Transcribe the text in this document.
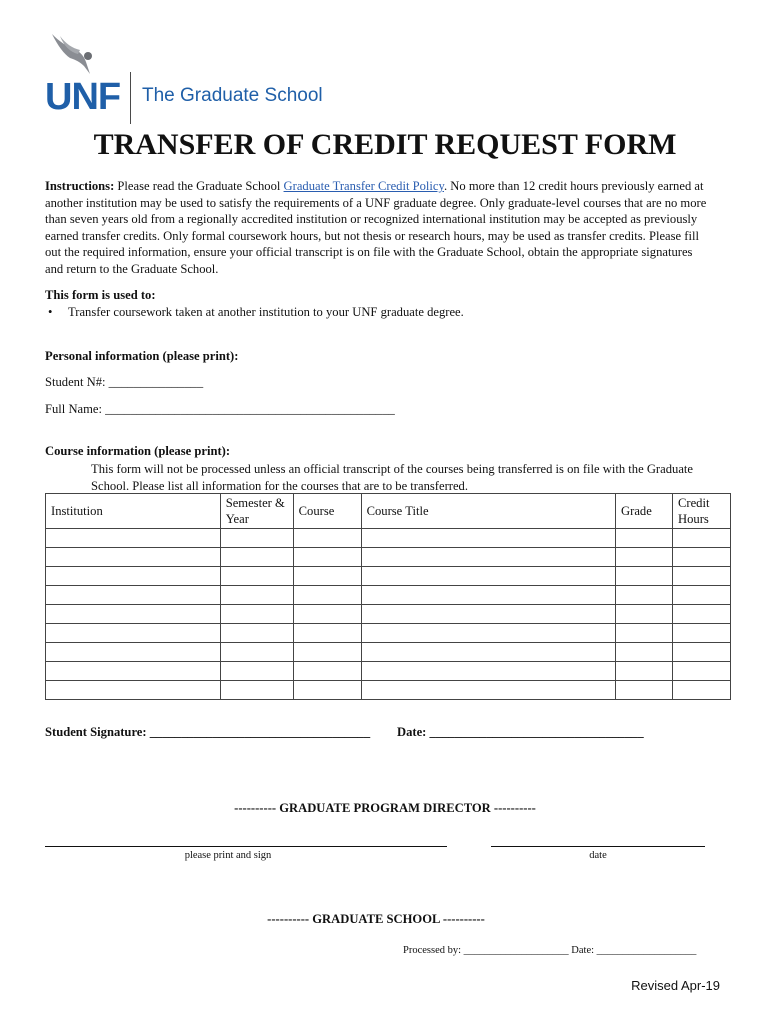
UNF The Graduate School
TRANSFER OF CREDIT REQUEST FORM
Instructions: Please read the Graduate School Graduate Transfer Credit Policy. No more than 12 credit hours previously earned at another institution may be used to satisfy the requirements of a UNF graduate degree. Only graduate-level courses that are no more than seven years old from a regionally accredited institution or recognized international institution may be accepted as previously earned transfer credits. Only formal coursework hours, but not thesis or research hours, may be used as transfer credits. Please fill out the required information, ensure your official transcript is on file with the Graduate School, obtain the appropriate signatures and return to the Graduate School.
This form is used to:
• Transfer coursework taken at another institution to your UNF graduate degree.
Personal information (please print):
Student N#: _______________
Full Name: ______________________________________________
Course information (please print):
This form will not be processed unless an official transcript of the courses being transferred is on file with the Graduate School. Please list all information for the courses that are to be transferred.
Institution	Semester & Year	Course	Course Title	Grade	Credit Hours

Student Signature: ___________________________________ Date: __________________________________
---------- GRADUATE PROGRAM DIRECTOR ----------
please print and sign	date
---------- GRADUATE SCHOOL ----------
Processed by: ____________________ Date: ___________________
Revised Apr-19
